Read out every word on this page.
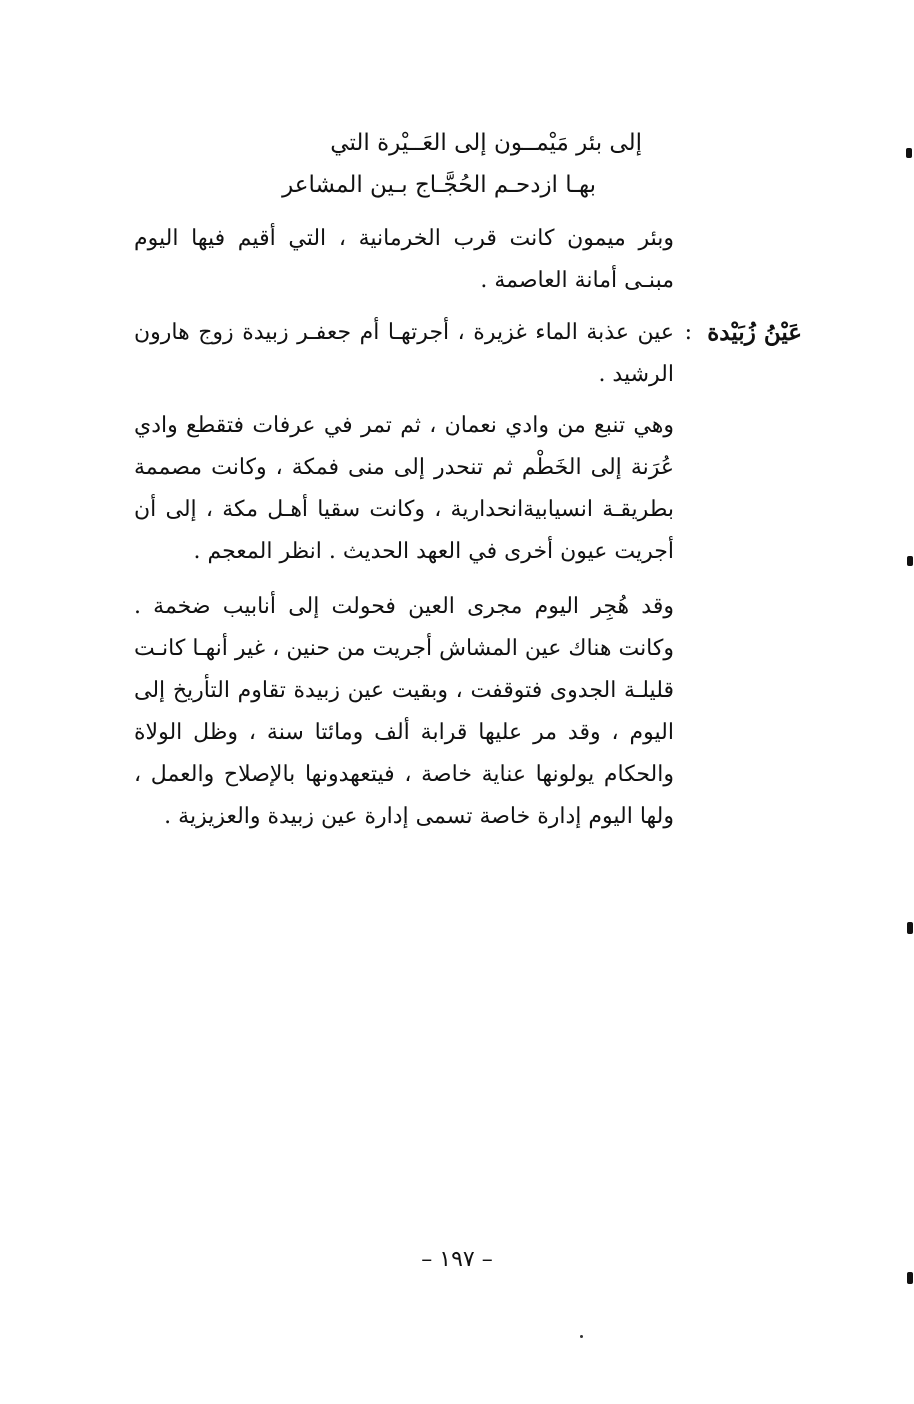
إلى بئر مَيْمــون إلى العَــيْرة التي
بهـا ازدحـم الحُجَّـاج بـين المشاعر
وبئر ميمون كانت قرب الخرمانية ، التي أقيم فيها اليوم مبنـى أمانة العاصمة .
عَيْنُ زُبَيْدة
:
عين عذبة الماء غزيرة ، أجرتهـا أم جعفـر زبيدة زوج هارون الرشيد .
وهي تنبع من وادي نعمان ، ثم تمر في عرفات فتقطع وادي عُرَنة إلى الخَطْم ثم تنحدر إلى منى فمكة ، وكانت مصممة بطريقـة انسيابيةانحدارية ، وكانت سقيا أهـل مكة ، إلى أن أجريت عيون أخرى في العهد الحديث . انظر المعجم .
وقد هُجِر اليوم مجرى العين فحولت إلى أنابيب ضخمة . وكانت هناك عين المشاش أجريت من حنين ، غير أنهـا كانـت قليلـة الجدوى فتوقفت ، وبقيت عين زبيدة تقاوم التأريخ إلى اليوم ، وقد مر عليها قرابة ألف ومائتا سنة ، وظل الولاة والحكام يولونها عناية خاصة ، فيتعهدونها بالإصلاح والعمل ، ولها اليوم إدارة خاصة تسمى إدارة عين زبيدة والعزيزية .
– ١٩٧ –
